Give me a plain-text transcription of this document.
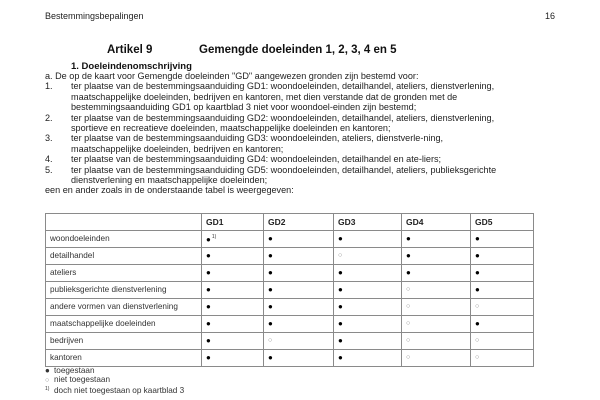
Bestemmingsbepalingen	16
Artikel 9	Gemengde doeleinden 1, 2, 3, 4 en 5
1. Doeleindenomschrijving

a. De op de kaart voor Gemengde doeleinden "GD" aangewezen gronden zijn bestemd voor:

1.	ter plaatse van de bestemmingsaanduiding GD1: woondoeleinden, detailhandel, ateliers, dienstverlening, maatschappelijke doeleinden, bedrijven en kantoren, met dien verstande dat de gronden met de bestemmingsaanduiding GD1 op kaartblad 3 niet voor woondoel-einden zijn bestemd;
2.	ter plaatse van de bestemmingsaanduiding GD2: woondoeleinden, detailhandel, ateliers, dienstverlening, sportieve en recreatieve doeleinden, maatschappelijke doeleinden en kantoren;
3.	ter plaatse van de bestemmingsaanduiding GD3: woondoeleinden, ateliers, dienstverle-ning, maatschappelijke doeleinden, bedrijven en kantoren;
4.	ter plaatse van de bestemmingsaanduiding GD4: woondoeleinden, detailhandel en ate-liers;
5.	ter plaatse van de bestemmingsaanduiding GD5: woondoeleinden, detailhandel, ateliers, publieksgerichte dienstverlening en maatschappelijke doeleinden;

een en ander zoals in de onderstaande tabel is weergegeven:

	GD1	GD2	GD3	GD4	GD5
woondoeleinden	●$^{1)}$	●	●	●	●
detailhandel	●	●	○	●	●
ateliers	●	●	●	●	●
publieksgerichte dienstverlening	●	●	●	○	●
andere vormen van dienstverlening	●	●	●	○	○
maatschappelijke doeleinden	●	●	●	○	●
bedrijven	●	○	●	○	○
kantoren	●	●	●	○	○
● toegestaan
○ niet toegestaan
1) doch niet toegestaan op kaartblad 3
